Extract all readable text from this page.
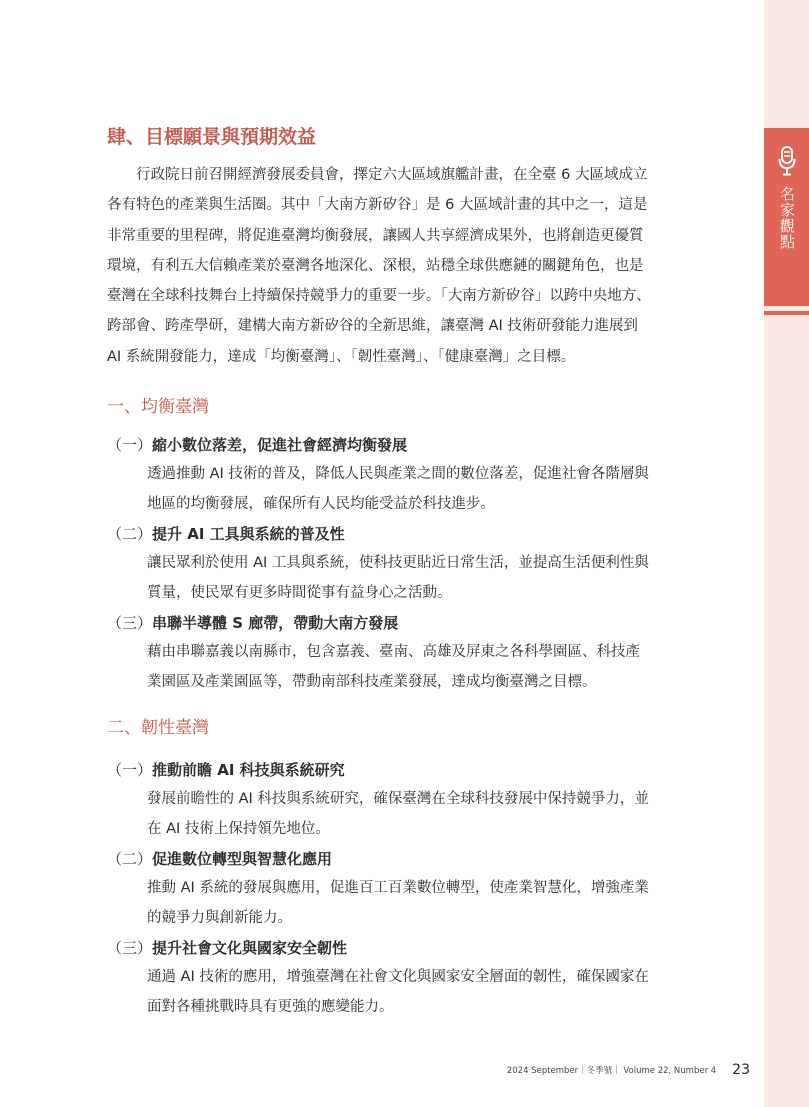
名家觀點
肆、目標願景與預期效益
行政院日前召開經濟發展委員會，擇定六大區域旗艦計畫，在全臺 6 大區域成立
各有特色的產業與生活圈。其中「大南方新矽谷」是 6 大區域計畫的其中之一，這是
非常重要的里程碑，將促進臺灣均衡發展，讓國人共享經濟成果外，也將創造更優質
環境，有利五大信賴產業於臺灣各地深化、深根，站穩全球供應鏈的關鍵角色，也是
臺灣在全球科技舞台上持續保持競爭力的重要一步。「大南方新矽谷」以跨中央地方、
跨部會、跨產學研，建構大南方新矽谷的全新思維，讓臺灣 AI 技術研發能力進展到
AI 系統開發能力，達成「均衡臺灣」、「韌性臺灣」、「健康臺灣」之目標。
一、均衡臺灣
（一）縮小數位落差，促進社會經濟均衡發展
透過推動 AI 技術的普及，降低人民與產業之間的數位落差，促進社會各階層與
地區的均衡發展，確保所有人民均能受益於科技進步。
（二）提升 AI 工具與系統的普及性
讓民眾利於使用 AI 工具與系統，使科技更貼近日常生活，並提高生活便利性與
質量，使民眾有更多時間從事有益身心之活動。
（三）串聯半導體 S 廊帶，帶動大南方發展
藉由串聯嘉義以南縣市，包含嘉義、臺南、高雄及屏東之各科學園區、科技產
業園區及產業園區等，帶動南部科技產業發展，達成均衡臺灣之目標。
二、韌性臺灣
（一）推動前瞻 AI 科技與系統研究
發展前瞻性的 AI 科技與系統研究，確保臺灣在全球科技發展中保持競爭力，並
在 AI 技術上保持領先地位。
（二）促進數位轉型與智慧化應用
推動 AI 系統的發展與應用，促進百工百業數位轉型，使產業智慧化，增強產業
的競爭力與創新能力。
（三）提升社會文化與國家安全韌性
通過 AI 技術的應用，增強臺灣在社會文化與國家安全層面的韌性，確保國家在
面對各種挑戰時具有更強的應變能力。
2024 September｜冬季號｜ Volume 22, Number 4 23
